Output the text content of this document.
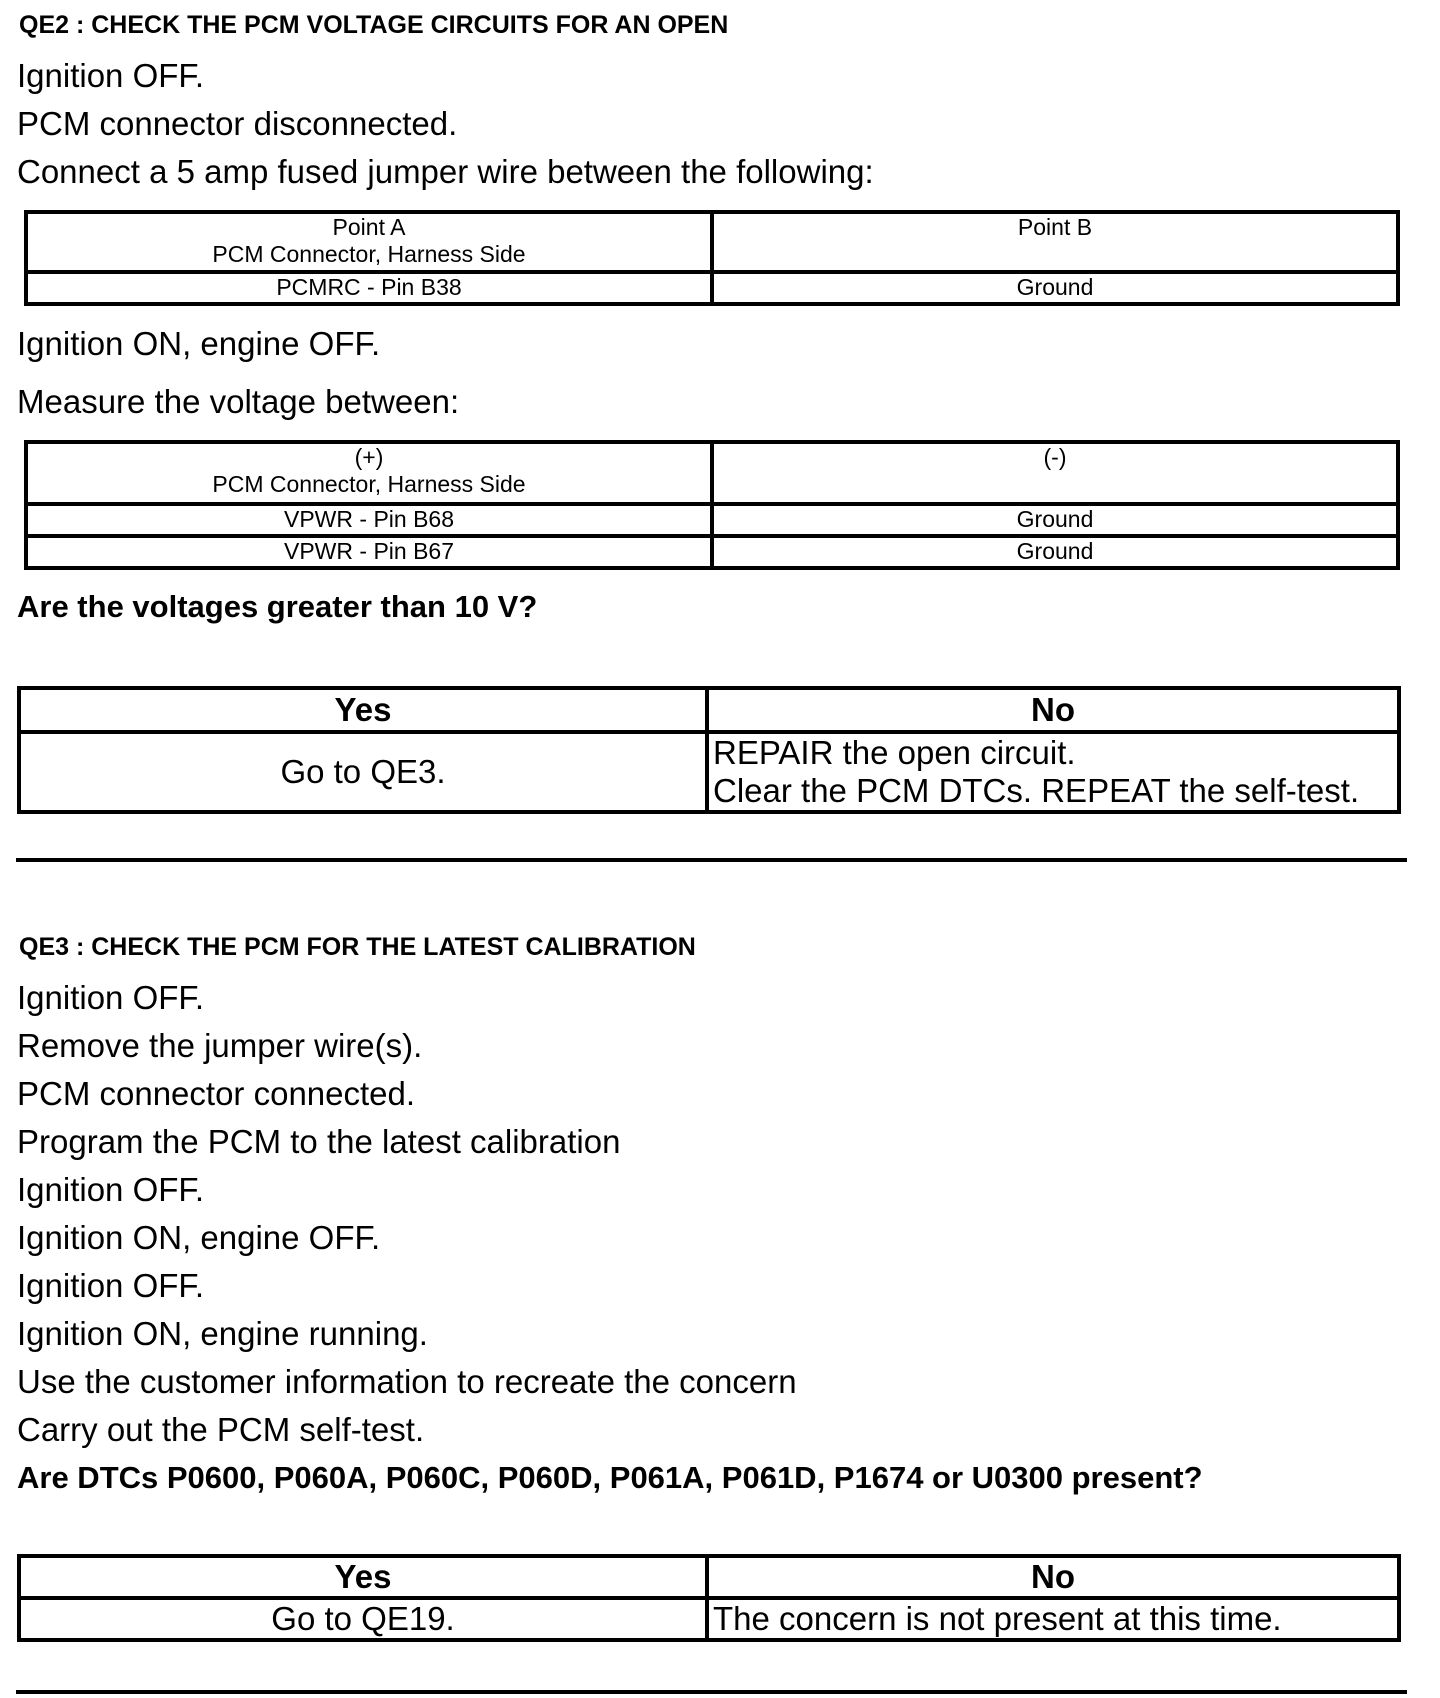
QE2 : CHECK THE PCM VOLTAGE CIRCUITS FOR AN OPEN
Ignition OFF.
PCM connector disconnected.
Connect a 5 amp fused jumper wire between the following:
Point A
PCM Connector, Harness Side	Point B
PCMRC - Pin B38	Ground
Ignition ON, engine OFF.
Measure the voltage between:
(+)
PCM Connector, Harness Side	(-)
VPWR - Pin B68	Ground
VPWR - Pin B67	Ground
Are the voltages greater than 10 V?
Yes	No
Go to QE3.	REPAIR the open circuit.
Clear the PCM DTCs. REPEAT the self-test.
QE3 : CHECK THE PCM FOR THE LATEST CALIBRATION
Ignition OFF.
Remove the jumper wire(s).
PCM connector connected.
Program the PCM to the latest calibration
Ignition OFF.
Ignition ON, engine OFF.
Ignition OFF.
Ignition ON, engine running.
Use the customer information to recreate the concern
Carry out the PCM self-test.
Are DTCs P0600, P060A, P060C, P060D, P061A, P061D, P1674 or U0300 present?
Yes	No
Go to QE19.	The concern is not present at this time.
